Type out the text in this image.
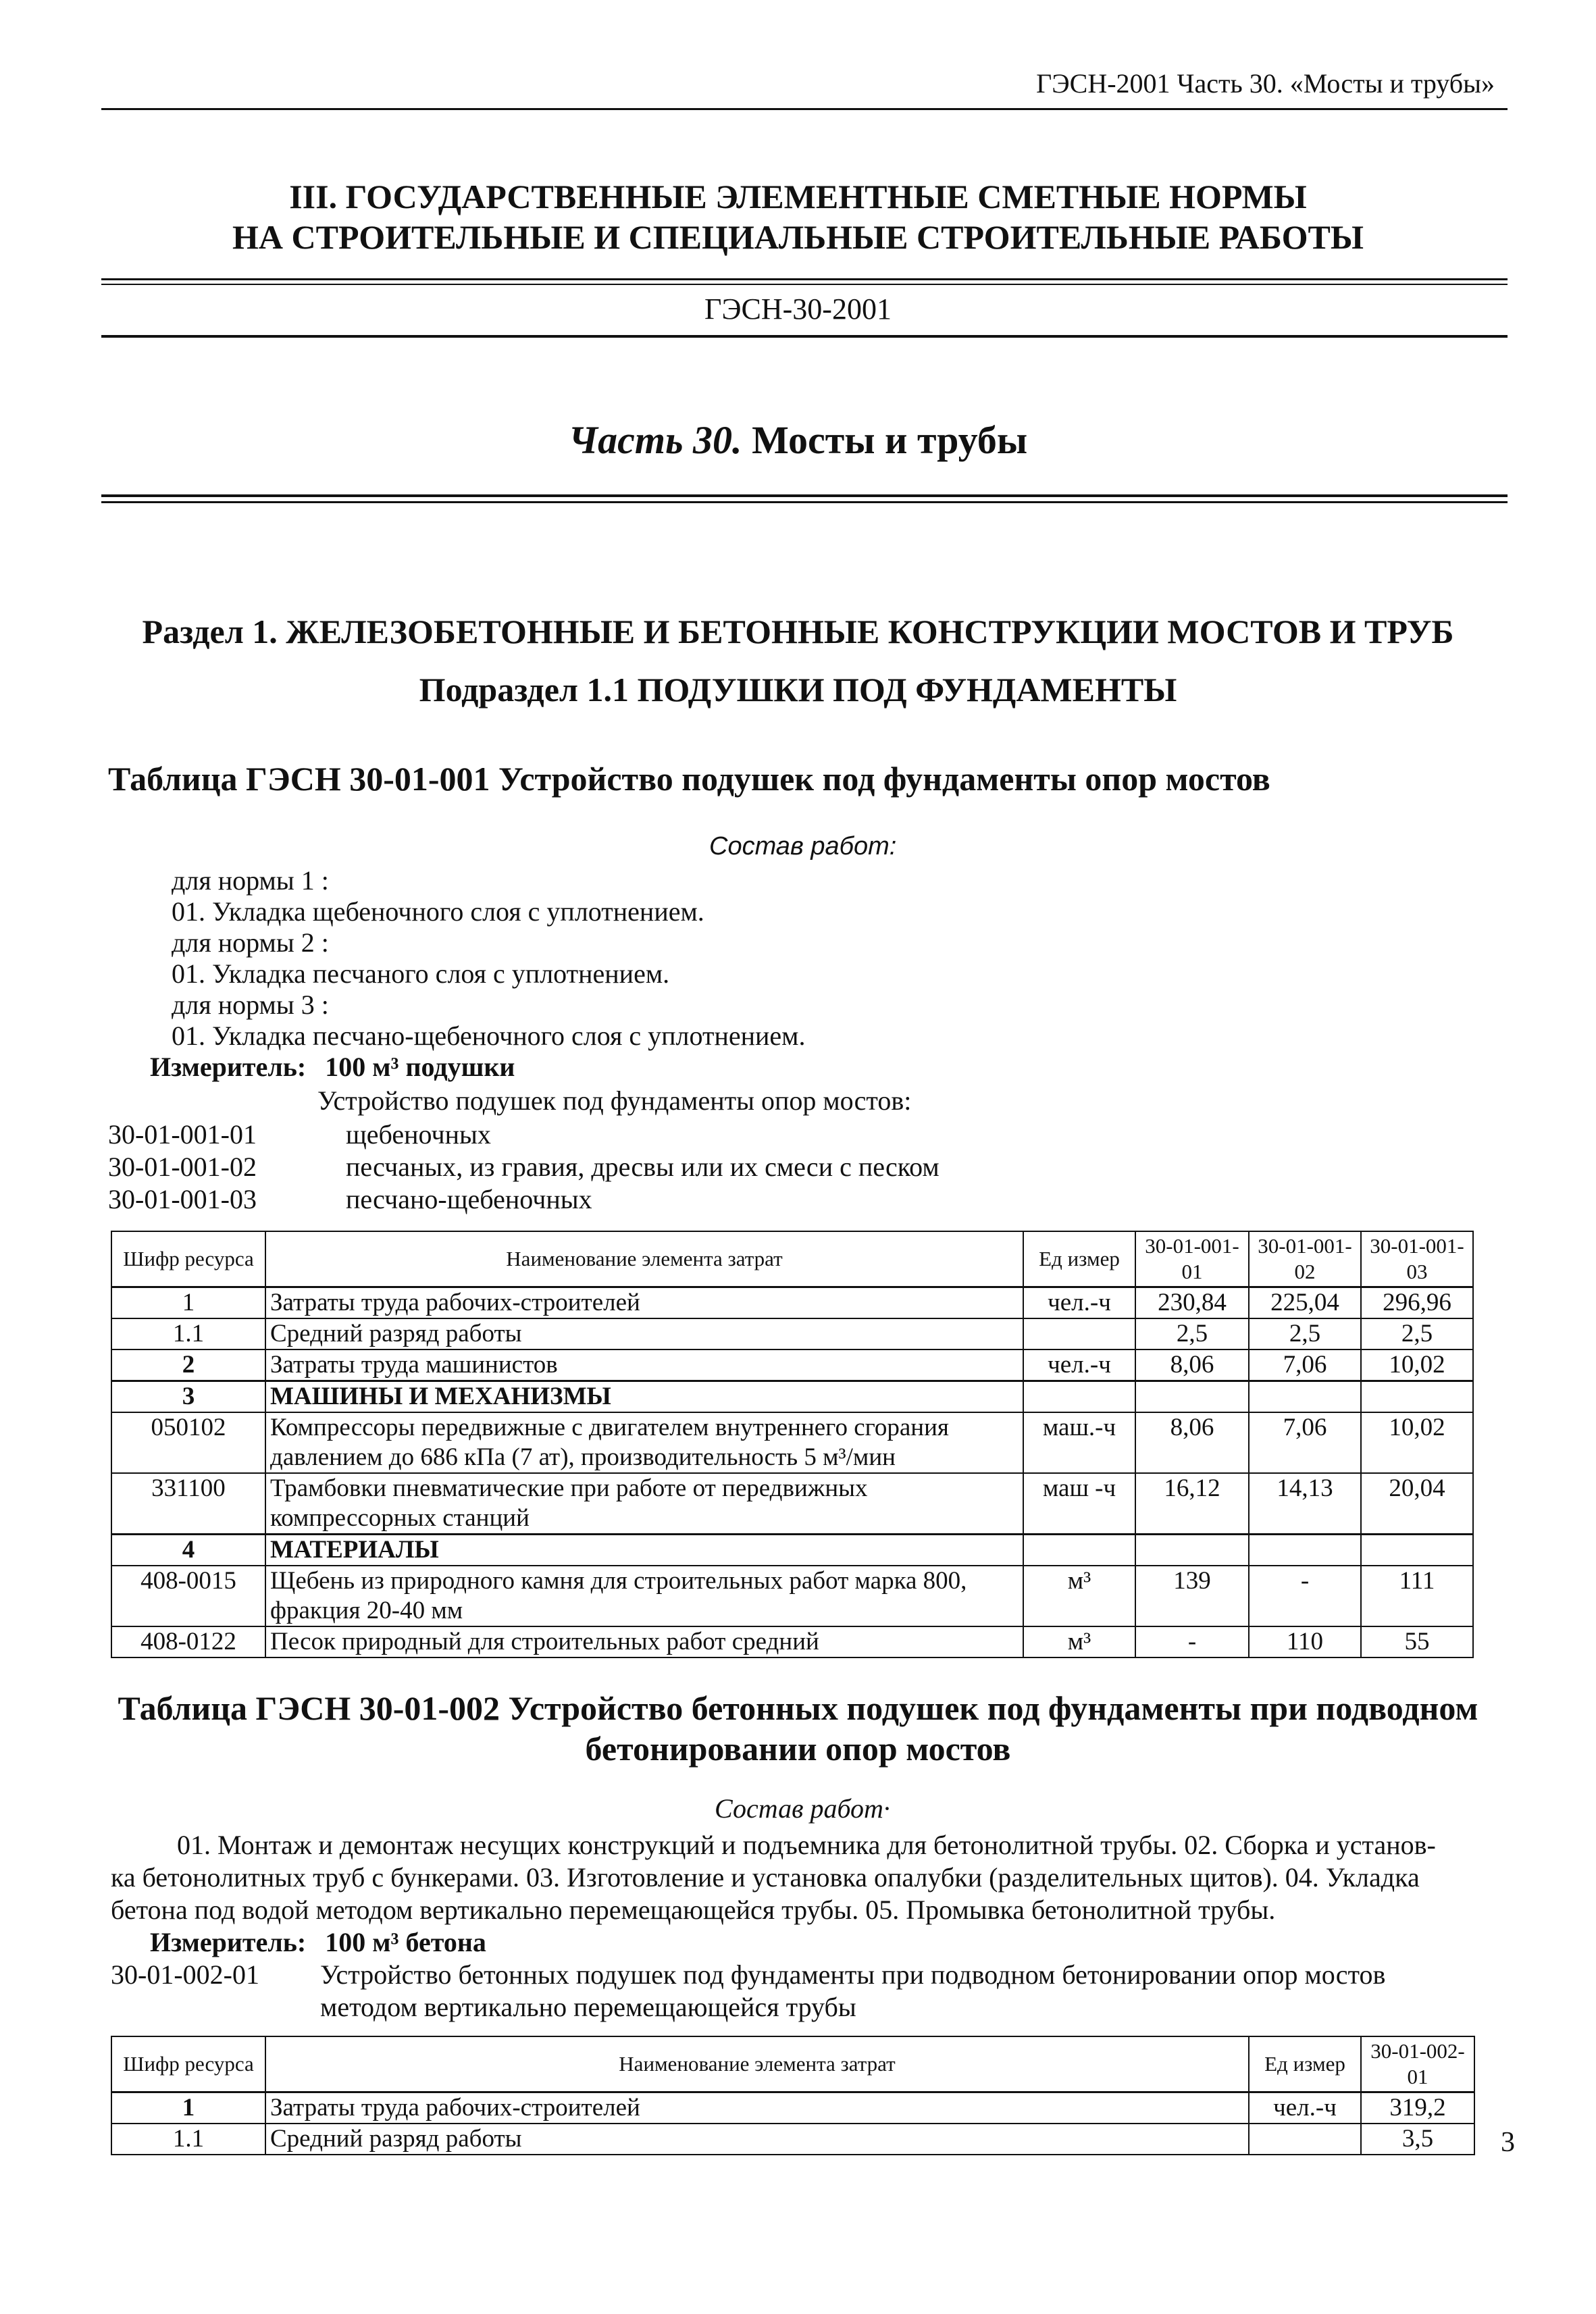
ГЭСН-2001 Часть 30. «Мосты и трубы»
III. ГОСУДАРСТВЕННЫЕ ЭЛЕМЕНТНЫЕ СМЕТНЫЕ НОРМЫ
НА СТРОИТЕЛЬНЫЕ И СПЕЦИАЛЬНЫЕ СТРОИТЕЛЬНЫЕ РАБОТЫ
ГЭСН-30-2001
Часть 30. Мосты и трубы
Раздел 1. ЖЕЛЕЗОБЕТОННЫЕ И БЕТОННЫЕ КОНСТРУКЦИИ МОСТОВ И ТРУБ
Подраздел 1.1 ПОДУШКИ ПОД ФУНДАМЕНТЫ
Таблица ГЭСН 30-01-001 Устройство подушек под фундаменты опор мостов
Состав работ:
для нормы 1 :
01. Укладка щебеночного слоя с уплотнением.
для нормы 2 :
01. Укладка песчаного слоя с уплотнением.
для нормы 3 :
01. Укладка песчано-щебеночного слоя с уплотнением.
Измеритель: 100 м³ подушки
Устройство подушек под фундаменты опор мостов:
30-01-001-01	щебеночных
30-01-001-02	песчаных, из гравия, дресвы или их смеси с песком
30-01-001-03	песчано-щебеночных
Шифр ресурса	Наименование элемента затрат	Ед измер	30-01-001-01	30-01-001-02	30-01-001-03
1	Затраты труда рабочих-строителей	чел.-ч	230,84	225,04	296,96
1.1	Средний разряд работы		2,5	2,5	2,5
2	Затраты труда машинистов	чел.-ч	8,06	7,06	10,02
3	МАШИНЫ И МЕХАНИЗМЫ				
050102	Компрессоры передвижные с двигателем внутреннего сгорания давлением до 686 кПа (7 ат), производительность 5 м³/мин	маш.-ч	8,06	7,06	10,02
331100	Трамбовки пневматические при работе от передвижных компрессорных станций	маш -ч	16,12	14,13	20,04
4	МАТЕРИАЛЫ				
408-0015	Щебень из природного камня для строительных работ марка 800, фракция 20-40 мм	м³	139	-	111
408-0122	Песок природный для строительных работ средний	м³	-	110	55
Таблица ГЭСН 30-01-002 Устройство бетонных подушек под фундаменты при подводном
бетонировании опор мостов
Состав работ·
01. Монтаж и демонтаж несущих конструкций и подъемника для бетонолитной трубы. 02. Сборка и установ-
ка бетонолитных труб с бункерами. 03. Изготовление и установка опалубки (разделительных щитов). 04. Укладка
бетона под водой методом вертикально перемещающейся трубы. 05. Промывка бетонолитной трубы.
Измеритель: 100 м³ бетона
30-01-002-01 Устройство бетонных подушек под фундаменты при подводном бетонировании опор мостов
методом вертикально перемещающейся трубы
Шифр ресурса	Наименование элемента затрат	Ед измер	30-01-002-01
1	Затраты труда рабочих-строителей	чел.-ч	319,2
1.1	Средний разряд работы		3,5 3
